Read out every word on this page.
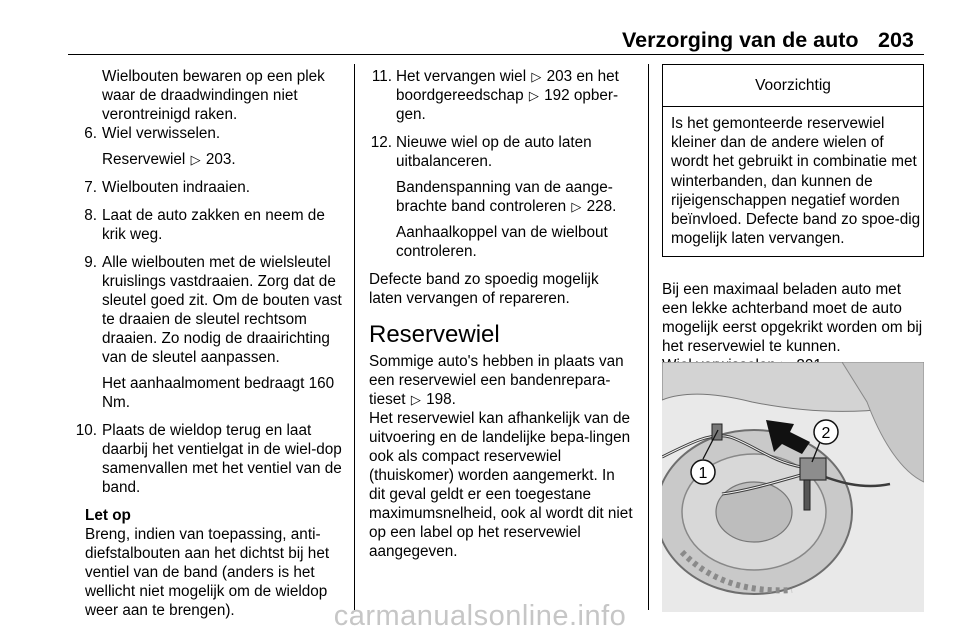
Verzorging van de auto 203

Wielbouten bewaren op een plek waar de draadwindingen niet verontreinigd raken.

6. Wiel verwisselen.
Reservewiel ▷ 203.
7. Wielbouten indraaien.
8. Laat de auto zakken en neem de krik weg.
9. Alle wielbouten met de wielsleutel kruislings vastdraaien. Zorg dat de sleutel goed zit. Om de bouten vast te draaien de sleutel rechtsom draaien. Zo nodig de draairichting van de sleutel aanpassen.
Het aanhaalmoment bedraagt 160 Nm.
10. Plaats de wieldop terug en laat daarbij het ventielgat in de wiel-dop samenvallen met het ventiel van de band.

Let op

Breng, indien van toepassing, anti-diefstalbouten aan het dichtst bij het ventiel van de band (anders is het wellicht niet mogelijk om de wieldop weer aan te brengen).

11. Het vervangen wiel ▷ 203 en het boordgereedschap ▷ 192 opber-gen.
12. Nieuwe wiel op de auto laten uitbalanceren.
Bandenspanning van de aange-brachte band controleren ▷ 228.
Aanhaalkoppel van de wielbout controleren.

Defecte band zo spoedig mogelijk laten vervangen of repareren.

Reservewiel

Sommige auto's hebben in plaats van een reservewiel een bandenrepara-tieset ▷ 198.

Het reservewiel kan afhankelijk van de uitvoering en de landelijke bepa-lingen ook als compact reservewiel (thuiskomer) worden aangemerkt. In dit geval geldt er een toegestane maximumsnelheid, ook al wordt dit niet op een label op het reservewiel aangegeven.

Voorzichtig
Is het gemonteerde reservewiel kleiner dan de andere wielen of wordt het gebruikt in combinatie met winterbanden, dan kunnen de rijeigenschappen negatief worden beïnvloed. Defecte band zo spoe-dig mogelijk laten vervangen.

Bij een maximaal beladen auto met een lekke achterband moet de auto mogelijk eerst opgekrikt worden om bij het reservewiel te kunnen.

1
2
carmanualsonline.info
